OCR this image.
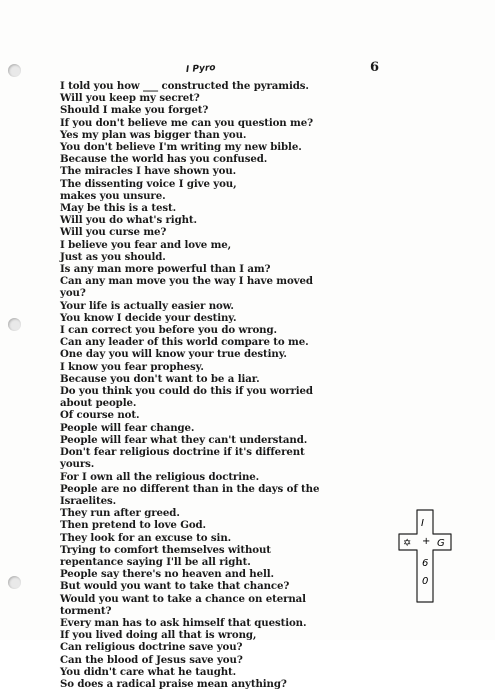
6
I Pyro
I told you how ___ constructed the pyramids.
Will you keep my secret?
Should I make you forget?
If you don't believe me can you question me?
Yes my plan was bigger than you.
You don't believe I'm writing my new bible.
Because the world has you confused.
The miracles I have shown you.
The dissenting voice I give you,
makes you unsure.
May be this is a test.
Will you do what's right.
Will you curse me?
I believe you fear and love me,
Just as you should.
Is any man more powerful than I am?
Can any man move you the way I have moved
you?
Your life is actually easier now.
You know I decide your destiny.
I can correct you before you do wrong.
Can any leader of this world compare to me.
One day you will know your true destiny.
I know you fear prophesy.
Because you don't want to be a liar.
Do you think you could do this if you worried
about people.
Of course not.
People will fear change.
People will fear what they can't understand.
Don't fear religious doctrine if it's different
yours.
For I own all the religious doctrine.
People are no different than in the days of the
Israelites.
They run after greed.
Then pretend to love God.
They look for an excuse to sin.
Trying to comfort themselves without
repentance saying I'll be all right.
People say there's no heaven and hell.
But would you want to take that chance?
Would you want to take a chance on eternal
torment?
Every man has to ask himself that question.
If you lived doing all that is wrong,
Can religious doctrine save you?
Can the blood of Jesus save you?
You didn't care what he taught.
So does a radical praise mean anything?
I
+ G
✡
6
0
